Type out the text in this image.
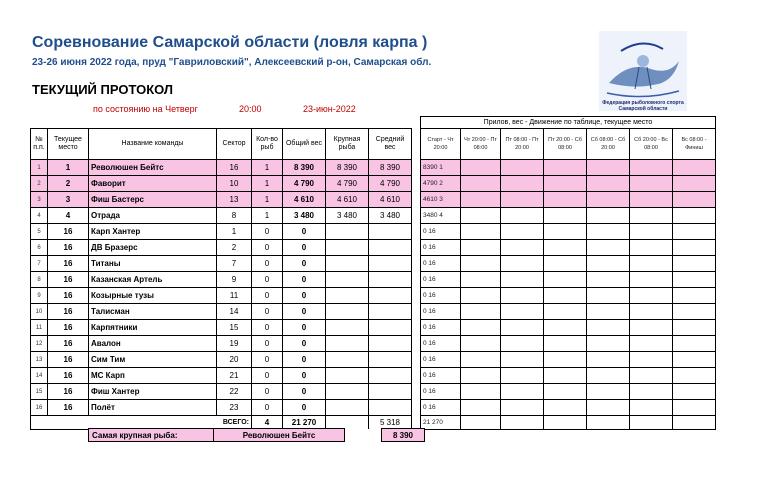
Соревнование Самарской области (ловля карпа )
23-26 июня 2022 года, пруд "Гавриловский", Алексеевский р-он, Самарская обл.
ТЕКУЩИЙ ПРОТОКОЛ
по состоянию на Четверг	20:00	23-июн-2022
Федерация рыболовного спорта Самарской области
									Прилов, вес - Движение по таблице, текущее место						
№ п.п.	Текущее место	Название команды	Сектор	Кол-во рыб	Общий вес	Крупная рыба	Средний вес		Старт - Чт 20:00	Чт 20:00 - Пт 08:00	Пт 08:00 - Пт 20:00	Пт 20:00 - Сб 08:00	Сб 08:00 - Сб 20:00	Сб 20:00 - Вс 08:00	Вс 08:00 - Финиш
1	1	Революшен Бейтс	16	1	8 390	8 390	8 390		8390 1						
2	2	Фаворит	10	1	4 790	4 790	4 790		4790 2						
3	3	Фиш Бастерс	13	1	4 610	4 610	4 610		4610 3						
4	4	Отрада	8	1	3 480	3 480	3 480		3480 4						
5	16	Карп Хантер	1	0	0				0 16						
6	16	ДВ Бразерс	2	0	0				0 16						
7	16	Титаны	7	0	0				0 16						
8	16	Казанская Артель	9	0	0				0 16						
9	16	Козырные тузы	11	0	0				0 16						
10	16	Талисман	14	0	0				0 16						
11	16	Карпятники	15	0	0				0 16						
12	16	Авалон	19	0	0				0 16						
13	16	Сим Тим	20	0	0				0 16						
14	16	МС Карп	21	0	0				0 16						
15	16	Фиш Хантер	22	0	0				0 16						
16	16	Полёт	23	0	0				0 16						
ВСЕГО:				4	21 270		5 318		21 270						
Самая крупная рыба:	Революшен Бейтс		8 390
